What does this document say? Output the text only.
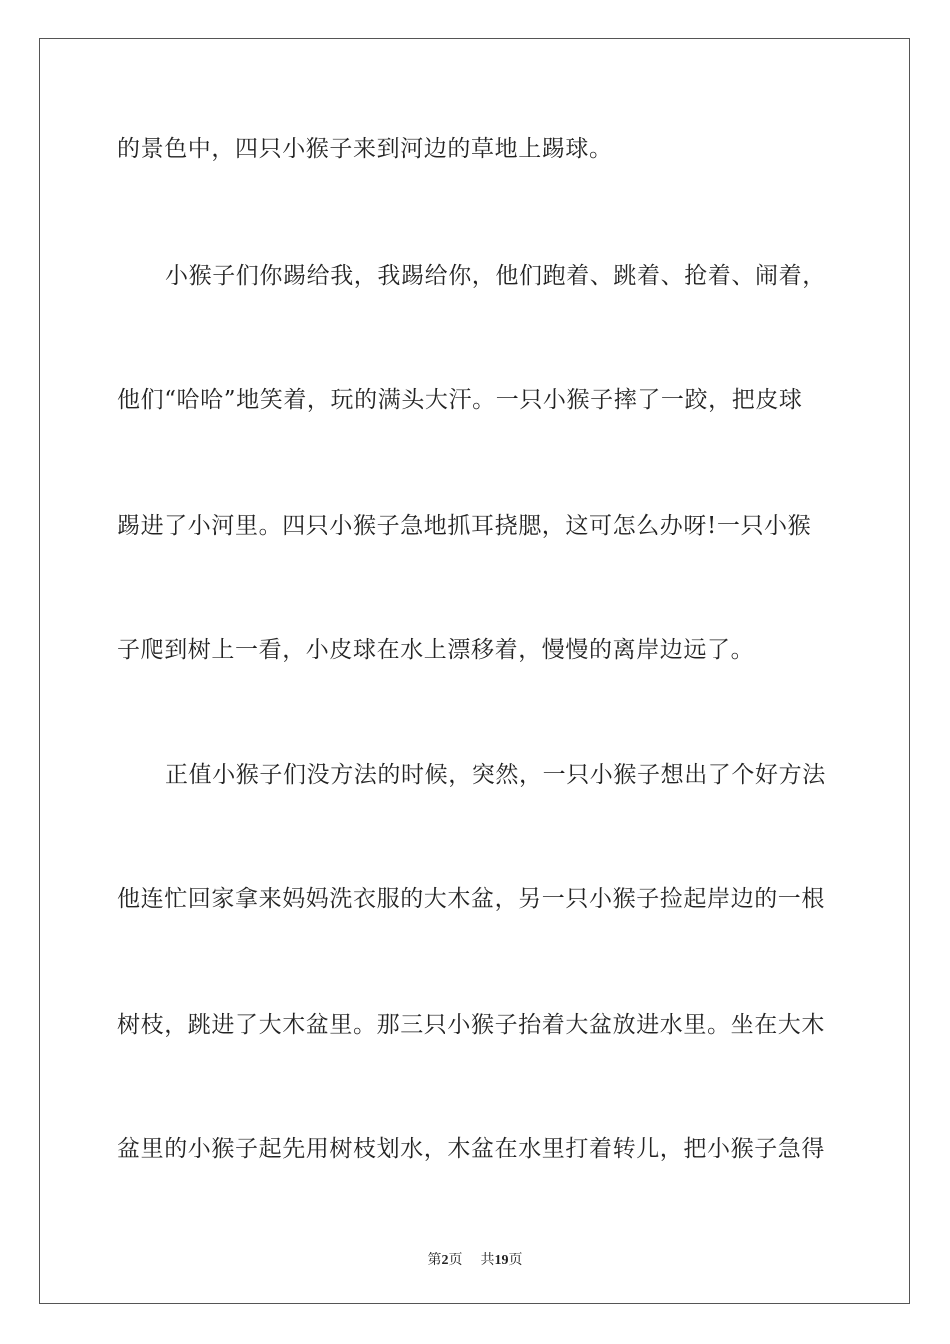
的景色中，四只小猴子来到河边的草地上踢球。
小猴子们你踢给我，我踢给你，他们跑着、跳着、抢着、闹着，
他们“哈哈”地笑着，玩的满头大汗。一只小猴子摔了一跤，把皮球
踢进了小河里。四只小猴子急地抓耳挠腮，这可怎么办呀!一只小猴
子爬到树上一看，小皮球在水上漂移着，慢慢的离岸边远了。
正值小猴子们没方法的时候，突然，一只小猴子想出了个好方法
他连忙回家拿来妈妈洗衣服的大木盆，另一只小猴子捡起岸边的一根
树枝，跳进了大木盆里。那三只小猴子抬着大盆放进水里。坐在大木
盆里的小猴子起先用树枝划水，木盆在水里打着转儿，把小猴子急得
第2页 共19页
